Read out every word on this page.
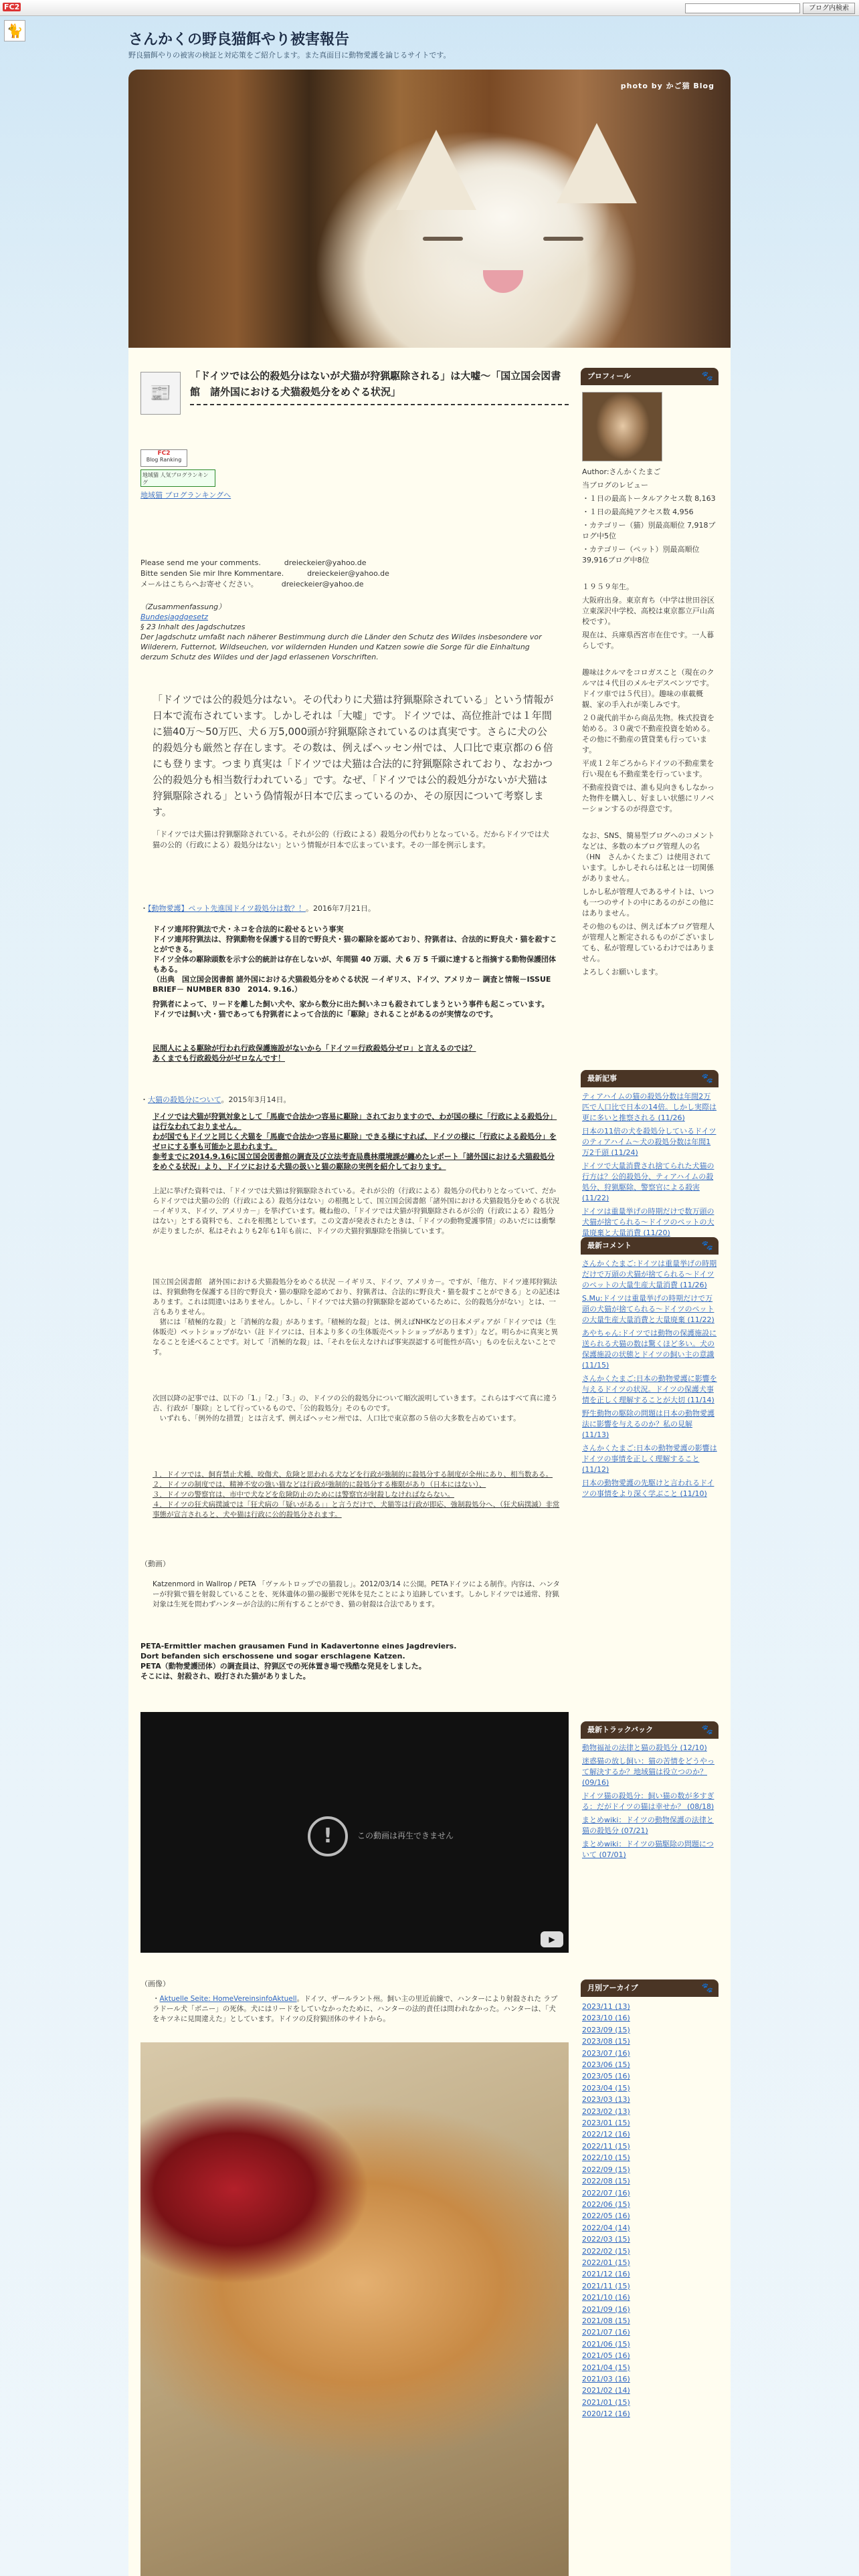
FC2	ブログ内検索
🐈
さんかくの野良猫餌やり被害報告
野良猫餌やりの被害の検証と対応策をご紹介します。また真面目に動物愛護を論じるサイトです。
photo by かご猫 Blog
📰
「ドイツでは公的殺処分はないが犬猫が狩猟駆除される」は大嘘～「国立国会図書館　諸外国における犬猫殺処分をめぐる状況」
FC2
Blog Ranking
地域猫 人気ブログランキング
地域猫 ブログランキングへ
Please send me your comments.          dreieckeier@yahoo.de
Bitte senden Sie mir Ihre Kommentare.          dreieckeier@yahoo.de
メールはこちらへお寄せください。          dreieckeier@yahoo.de
（Zusammenfassung）
Bundesjagdgesetz
§ 23 Inhalt des Jagdschutzes
Der Jagdschutz umfaßt nach näherer Bestimmung durch die Länder den Schutz des Wildes insbesondere vor Wilderern, Futternot, Wildseuchen, vor wildernden Hunden und Katzen sowie die Sorge für die Einhaltung derzum Schutz des Wildes und der Jagd erlassenen Vorschriften.
「ドイツでは公的殺処分はない。その代わりに犬猫は狩猟駆除されている」という情報が日本で流布されています。しかしそれは「大嘘」です。ドイツでは、高位推計では１年間に猫40万～50万匹、犬６万5,000頭が狩猟駆除されているのは真実です。さらに犬の公的殺処分も厳然と存在します。その数は、例えばヘッセン州では、人口比で東京都の６倍にも登ります。つまり真実は「ドイツでは犬猫は合法的に狩猟駆除されており、なおかつ公的殺処分も相当数行われている」です。なぜ、「ドイツでは公的殺処分がないが犬猫は狩猟駆除される」という偽情報が日本で広まっているのか、その原因について考察します。
「ドイツでは犬猫は狩猟駆除されている。それが公的（行政による）殺処分の代わりとなっている。だからドイツでは犬猫の公的（行政による）殺処分はない」という情報が日本で広まっています。その一部を例示します。
・【動物愛護】ペット先進国ドイツ殺処分は数？！。2016年7月21日。
ドイツ連邦狩猟法で犬・ネコを合法的に殺せるという事実
ドイツ連邦狩猟法は、狩猟動物を保護する目的で野良犬・猫の駆除を認めており、狩猟者は、合法的に野良犬・猫を殺すことができる。
ドイツ全体の駆除頭数を示す公的統計は存在しないが、年間猫 40 万頭、犬 6 万 5 千頭に達すると指摘する動物保護団体もある。
（出典　国立国会図書館 諸外国における犬猫殺処分をめぐる状況 －イギリス、ドイツ、アメリカ－ 調査と情報－ISSUE BRIEF－ NUMBER 830　2014. 9.16.）
狩猟者によって、リードを離した飼い犬や、家から数分に出た飼いネコも殺されてしまうという事件も起こっています。
ドイツでは飼い犬・猫であっても狩猟者によって合法的に「駆除」されることがあるのが実情なのです。
民間人による駆除が行われ行政保護施設がないから「ドイツ＝行政殺処分ゼロ」と言えるのでは？
あくまでも行政殺処分がゼロなんです！
・大猫の殺処分について。2015年3月14日。
ドイツでは犬猫が狩猟対象として「馬鹿で合法かつ容易に駆除」されておりますので、わが国の様に「行政による殺処分」は行なわれておりません。
わが国でもドイツと同じく犬猫を「馬鹿で合法かつ容易に駆除」できる様にすれば、ドイツの様に「行政による殺処分」をゼロにする事も可能かと思われます。
参考までに2014.9.16に国立国会図書館の調査及び立法考査局農林環境課が纏めたレポート「諸外国における犬猫殺処分をめぐる状況」より、ドイツにおける犬猫の扱いと猫の駆除の実例を紹介しております。
上記に挙げた資料では、「ドイツでは犬猫は狩猟駆除されている。それが公的（行政による）殺処分の代わりとなっていて、だからドイツでは犬猫の公的（行政による）殺処分はない」の根拠として、国立国会図書館「諸外国における犬猫殺処分をめぐる状況 －イギリス、ドイツ、アメリカ－」を挙げています。概ね他の、「ドイツでは犬猫が狩猟駆除されるが公的（行政による）殺処分はない」とする資料でも、これを根拠としています。この文書が発表されたときは、「ドイツの動物愛護事情」のあいだには衝撃が走りましたが、私はそれよりも2年も1年も前に、ドイツの犬猫狩猟駆除を指摘しています。
国立国会図書館　諸外国における犬猫殺処分をめぐる状況 －イギリス、ドイツ、アメリカ－。ですが、「他方、ドイツ連邦狩猟法は、狩猟動物を保護する目的で野良犬・猫の駆除を認めており、狩猟者は、合法的に野良犬・猫を殺すことができる」との記述はあります。これは間違いはありません。しかし、「ドイツでは犬猫の狩猟駆除を認めているために、公的殺処分がない」とは、一言もありません。
　猪には「積極的な殺」と「消極的な殺」があります。「積極的な殺」とは、例えばNHKなどの日本メディアが「ドイツでは（生体販売）ペットショップがない（註 ドイツには、日本より多くの生体販売ペットショップがあります）」など。明らかに真実と異なることを述べることです。対して「消極的な殺」は、「それを伝えなければ事実誤認する可能性が高い」ものを伝えないことです。
次回以降の記事では、以下の「1.」「2.」「3.」の、ドイツの公的殺処分について順次説明していきます。これらはすべて真に違う古、行政が「駆除」として行っているもので、「公的殺処分」そのものです。
　いずれも、「例外的な措置」とは言えず、例えばヘッセン州では、人口比で東京都の５倍の大多数を占めています。
１．ドイツでは、飼育禁止犬種、咬傷犬、危険と思われる犬などを行政が強制的に殺処分する制度が全州にあり、相当数ある。
２．ドイツの制度では、精神不安の強い猫などは行政が強制的に殺処分する権限があり（日本にはない）、
３．ドイツの警察官は、市中で犬などを危険防止のためには警察官が射殺しなければならない。
４．ドイツの狂犬病撲滅では「狂犬病の「疑いがある」」と言うだけで、犬猫等は行政が即応、強制殺処分へ、（狂犬病撲滅）非常事態が宣言されると、犬や猫は行政に公的殺処分されます。
（動画）
Katzenmord in Wallrop / PETA 「ヴァルトロップでの猫殺し」。2012/03/14 に公開。PETAドイツによる制作。内容は、ハンターが狩猟で猫を射殺していることを、死体遺体の猫の撮影で死体を見たことにより追跡しています。しかしドイツでは通常、狩猟対象は生死を問わずハンターが合法的に所有することができ、猫の射殺は合法であります。
PETA-Ermittler machen grausamen Fund in Kadavertonne eines Jagdreviers.
Dort befanden sich erschossene und sogar erschlagene Katzen.
PETA（動物愛護団体）の調査員は、狩猟区での死体置き場で残酷な発見をしました。
そこには、射殺され、殴打された猫がありました。
!	この動画は再生できません
▶
（画像）
・Aktuelle Seite: HomeVereinsinfoAktuell。ドイツ、ザールラント州。飼い主の里近前線で、ハンターにより射殺された ラブラドール犬「ボニー」の死体。犬にはリードをしていなかったために、ハンターの法的責任は問われなかった。ハンターは、「犬をキツネに見間違えた」としています。ドイツの反狩猟団体のサイトから。
プロフィール	🐾
Author:さんかくたまご
当ブログのレビュー
・１日の最高トータルアクセス数 8,163
・１日の最高純アクセス数 4,956
・カテゴリー（猫）別最高順位 7,918ブログ中5位
・カテゴリー（ペット）別最高順位 39,916ブログ中8位

１９５９年生。
大阪府出身。東京育ち（中学は世田谷区立東深沢中学校、高校は東京都立戸山高校です）。
現在は、兵庫県西宮市在住です。一人暮らしです。

趣味はクルマをコロガスこと（現在のクルマは４代目のメルセデスベンツです。ドイツ車では５代目）。趣味の車載概観、家の手入れが楽しみです。
２０歳代前半から商品先物。株式投資を始める。３０歳で不動産投資を始める。その他に不動産の賃貸業も行っています。
平成１２年ごろからドイツの不動産業を行い現在も不動産業を行っています。
不動産投資では、誰も見向きもしなかった物件を購入し、好ましい状態にリノベーションするのが得意です。

なお、SNS、簡易型ブログへのコメントなどは、多数の本ブログ管理人の名（HN　さんかくたまご）は使用されています。しかしそれらは私とは一切関係がありません。
しかし私が管理人であるサイトは、いつも一つのサイトの中にあるのがこの他にはありません。
その他のものは、例えば本ブログ管理人が管理人と断定されるものがございましても、私が管理しているわけではありません。
よろしくお願いします。
最新記事	🐾
ティアハイムの猫の殺処分数は年間2万匹で人口比で日本の14倍。しかし実際は更に多いと推察される (11/26)
日本の11倍の犬を殺処分しているドイツのティアハイム～犬の殺処分数は年間1万2千頭 (11/24)
ドイツで大量消費され捨てられた犬猫の行方は？公的殺処分、ティアハイムの殺処分、狩猟駆除、警察官による殺害 (11/22)
ドイツは重量挙げの時期だけで数万頭の犬猫が捨てられる～ドイツのペットの大量廃棄と大量消費 (11/20)
最新コメント	🐾
さんかくたまご:ドイツは重量挙げの時期だけで万頭の犬猫が捨てられる～ドイツのペットの大量生産大量消費 (11/26)
S.Mu:ドイツは重量挙げの時期だけで万頭の犬猫が捨てられる～ドイツのペットの大量生産大量消費と大量廃棄 (11/22)
あやちゃん:ドイツでは動物の保護施設に送られる犬猫の数は驚くほど多い。犬の保護施設の状態とドイツの飼い主の意識 (11/15)
さんかくたまご:日本の動物愛護に影響を与えるドイツの状況。ドイツの保護犬事情を正しく理解することが大切 (11/14)
野生動物の駆除の問題は日本の動物愛護法に影響を与えるのか？私の見解 (11/13)
さんかくたまご:日本の動物愛護の影響はドイツの事情を正しく理解すること (11/12)
日本の動物愛護の先駆けと言われるドイツの事情をより深く学ぶこと (11/10)
最新トラックバック	🐾
動物福祉の法律と猫の殺処分 (12/10)
迷惑猫の放し飼い：猫の苦情をどうやって解決するか？地域猫は役立つのか？ (09/16)
ドイツ猫の殺処分：飼い猫の数が多すぎる：だがドイツの猫は幸せか？ (08/18)
まとめwiki：ドイツの動物保護の法律と猫の殺処分 (07/21)
まとめwiki：ドイツの猫駆除の問題について (07/01)
月別アーカイブ	🐾
2023/11 (13)
2023/10 (16)
2023/09 (15)
2023/08 (15)
2023/07 (16)
2023/06 (15)
2023/05 (16)
2023/04 (15)
2023/03 (13)
2023/02 (13)
2023/01 (15)
2022/12 (16)
2022/11 (15)
2022/10 (15)
2022/09 (15)
2022/08 (15)
2022/07 (16)
2022/06 (15)
2022/05 (16)
2022/04 (14)
2022/03 (15)
2022/02 (15)
2022/01 (15)
2021/12 (16)
2021/11 (15)
2021/10 (16)
2021/09 (16)
2021/08 (15)
2021/07 (16)
2021/06 (15)
2021/05 (16)
2021/04 (15)
2021/03 (16)
2021/02 (14)
2021/01 (15)
2020/12 (16)
